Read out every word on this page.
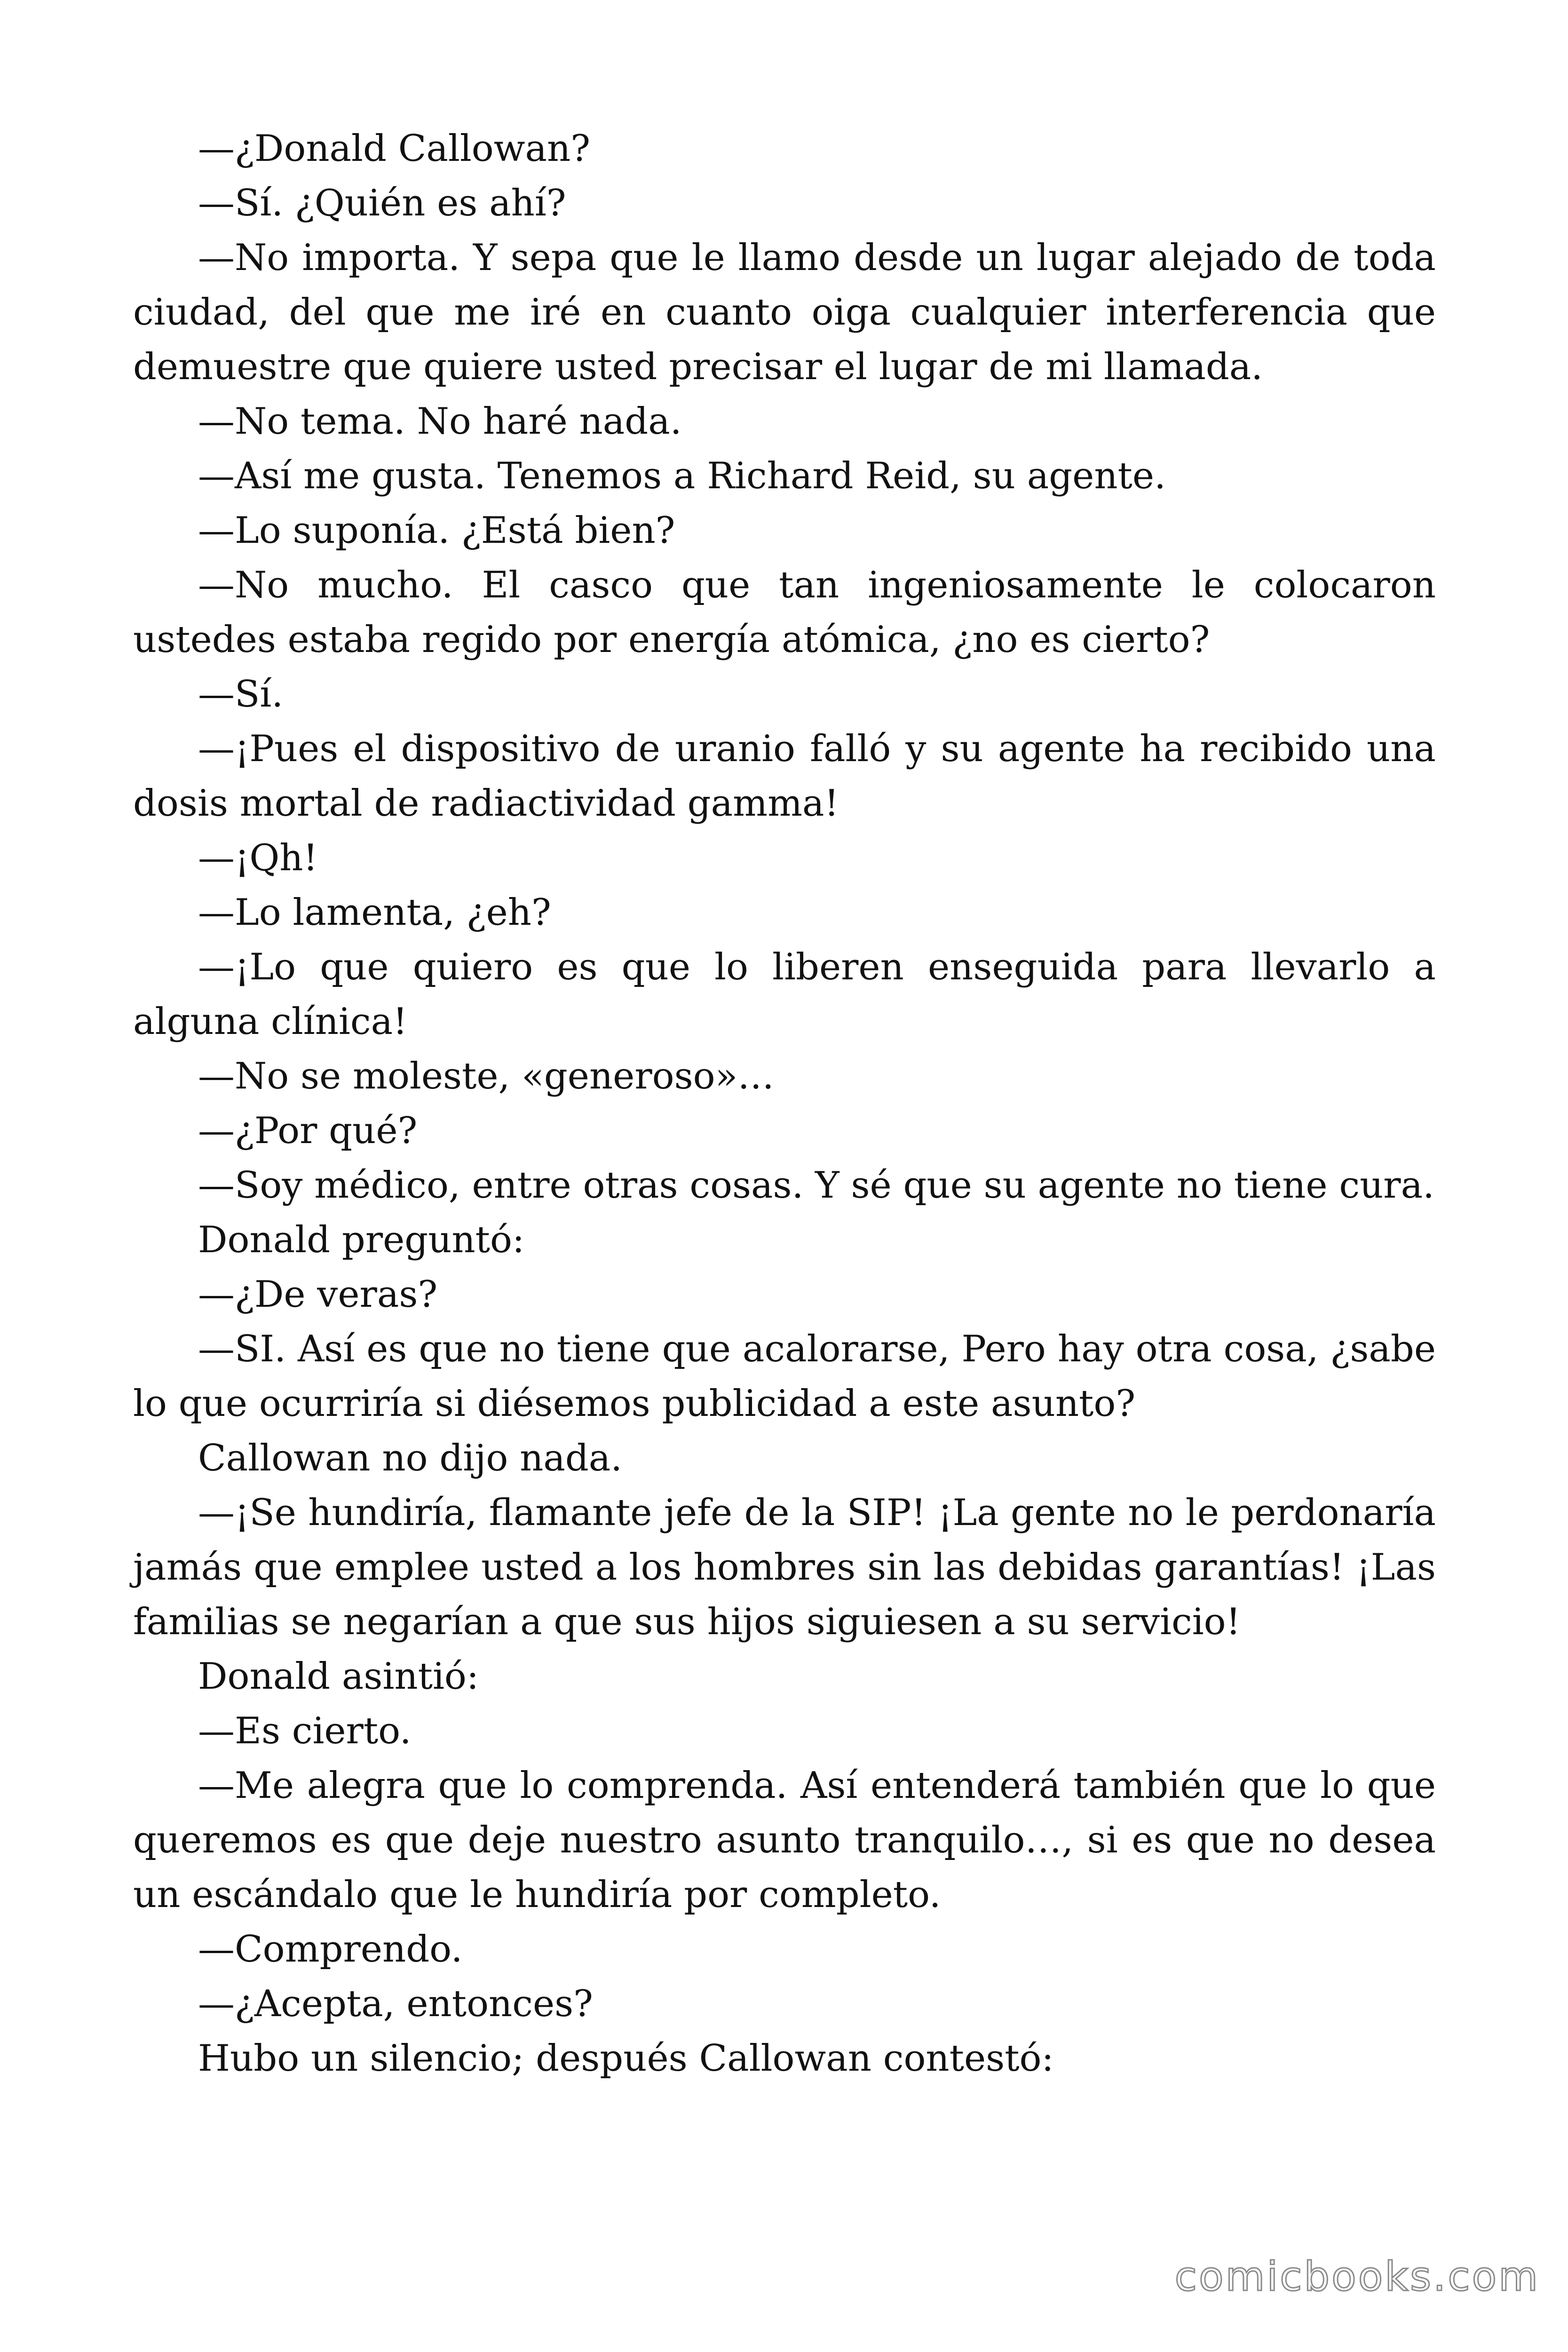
—¿Donald Callowan?

—Sí. ¿Quién es ahí?

—No importa. Y sepa que le llamo desde un lugar alejado de toda ciudad, del que me iré en cuanto oiga cualquier interferencia que demuestre que quiere usted precisar el lugar de mi llamada.

—No tema. No haré nada.

—Así me gusta. Tenemos a Richard Reid, su agente.

—Lo suponía. ¿Está bien?

—No mucho. El casco que tan ingeniosamente le colocaron ustedes estaba regido por energía atómica, ¿no es cierto?

—Sí.

—¡Pues el dispositivo de uranio falló y su agente ha recibido una dosis mortal de radiactividad gamma!

—¡Qh!

—Lo lamenta, ¿eh?

—¡Lo que quiero es que lo liberen enseguida para llevarlo a alguna clínica!

—No se moleste, «generoso»…

—¿Por qué?

—Soy médico, entre otras cosas. Y sé que su agente no tiene cura.

Donald preguntó:

—¿De veras?

—SI. Así es que no tiene que acalorarse, Pero hay otra cosa, ¿sabe lo que ocurriría si diésemos publicidad a este asunto?

Callowan no dijo nada.

—¡Se hundiría, flamante jefe de la SIP! ¡La gente no le perdonaría jamás que emplee usted a los hombres sin las debidas garantías! ¡Las familias se negarían a que sus hijos siguiesen a su servicio!

Donald asintió:

—Es cierto.

—Me alegra que lo comprenda. Así entenderá también que lo que queremos es que deje nuestro asunto tranquilo…, si es que no desea un escándalo que le hundiría por completo.

—Comprendo.

—¿Acepta, entonces?

Hubo un silencio; después Callowan contestó:

comicbooks.com
